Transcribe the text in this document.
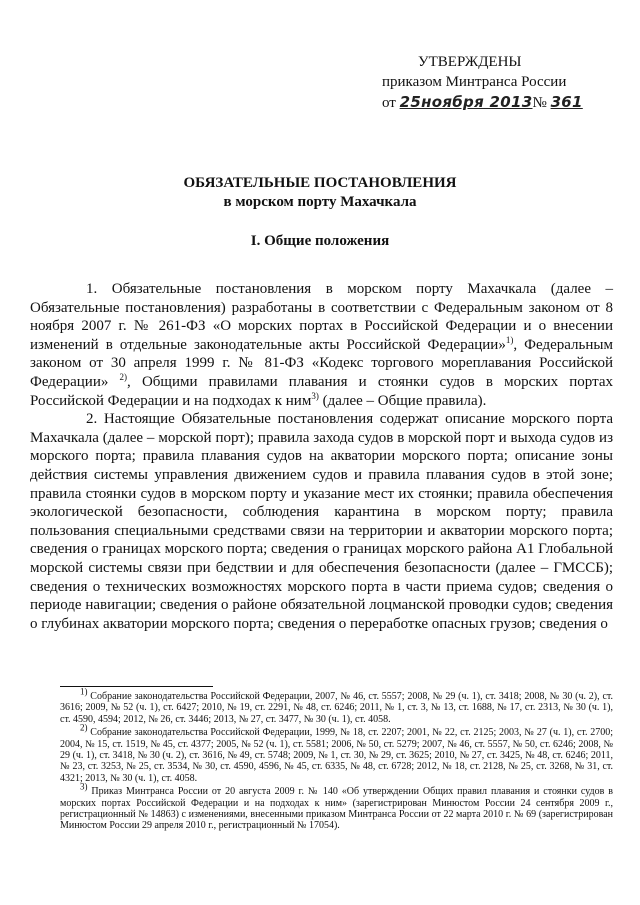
УТВЕРЖДЕНЫ
приказом Минтранса России
от 25ноября 2013№ 361
ОБЯЗАТЕЛЬНЫЕ ПОСТАНОВЛЕНИЯ
в морском порту Махачкала
I. Общие положения

1. Обязательные постановления в морском порту Махачкала (далее – Обязательные постановления) разработаны в соответствии с Федеральным законом от 8 ноября 2007 г. № 261-ФЗ «О морских портах в Российской Федерации и о внесении изменений в отдельные законодательные акты Российской Федерации»$^{1)}$, Федеральным законом от 30 апреля 1999 г. № 81-ФЗ «Кодекс торгового мореплавания Российской Федерации» $^{2)}$, Общими правилами плавания и стоянки судов в морских портах Российской Федерации и на подходах к ним$^{3)}$ (далее – Общие правила).

2. Настоящие Обязательные постановления содержат описание морского порта Махачкала (далее – морской порт); правила захода судов в морской порт и выхода судов из морского порта; правила плавания судов на акватории морского порта; описание зоны действия системы управления движением судов и правила плавания судов в этой зоне; правила стоянки судов в морском порту и указание мест их стоянки; правила обеспечения экологической безопасности, соблюдения карантина в морском порту; правила пользования специальными средствами связи на территории и акватории морского порта; сведения о границах морского порта; сведения о границах морского района А1 Глобальной морской системы связи при бедствии и для обеспечения безопасности (далее – ГМССБ); сведения о технических возможностях морского порта в части приема судов; сведения о периоде навигации; сведения о районе обязательной лоцманской проводки судов; сведения о глубинах акватории морского порта; сведения о переработке опасных грузов; сведения о

$^{1)}$ Собрание законодательства Российской Федерации, 2007, № 46, ст. 5557; 2008, № 29 (ч. 1), ст. 3418; 2008, № 30 (ч. 2), ст. 3616; 2009, № 52 (ч. 1), ст. 6427; 2010, № 19, ст. 2291, № 48, ст. 6246; 2011, № 1, ст. 3, № 13, ст. 1688, № 17, ст. 2313, № 30 (ч. 1), ст. 4590, 4594; 2012, № 26, ст. 3446; 2013, № 27, ст. 3477, № 30 (ч. 1), ст. 4058.

$^{2)}$ Собрание законодательства Российской Федерации, 1999, № 18, ст. 2207; 2001, № 22, ст. 2125; 2003, № 27 (ч. 1), ст. 2700; 2004, № 15, ст. 1519, № 45, ст. 4377; 2005, № 52 (ч. 1), ст. 5581; 2006, № 50, ст. 5279; 2007, № 46, ст. 5557, № 50, ст. 6246; 2008, № 29 (ч. 1), ст. 3418, № 30 (ч. 2), ст. 3616, № 49, ст. 5748; 2009, № 1, ст. 30, № 29, ст. 3625; 2010, № 27, ст. 3425, № 48, ст. 6246; 2011, № 23, ст. 3253, № 25, ст. 3534, № 30, ст. 4590, 4596, № 45, ст. 6335, № 48, ст. 6728; 2012, № 18, ст. 2128, № 25, ст. 3268, № 31, ст. 4321; 2013, № 30 (ч. 1), ст. 4058.

$^{3)}$ Приказ Минтранса России от 20 августа 2009 г. № 140 «Об утверждении Общих правил плавания и стоянки судов в морских портах Российской Федерации и на подходах к ним» (зарегистрирован Минюстом России 24 сентября 2009 г., регистрационный № 14863) с изменениями, внесенными приказом Минтранса России от 22 марта 2010 г. № 69 (зарегистрирован Минюстом России 29 апреля 2010 г., регистрационный № 17054).
